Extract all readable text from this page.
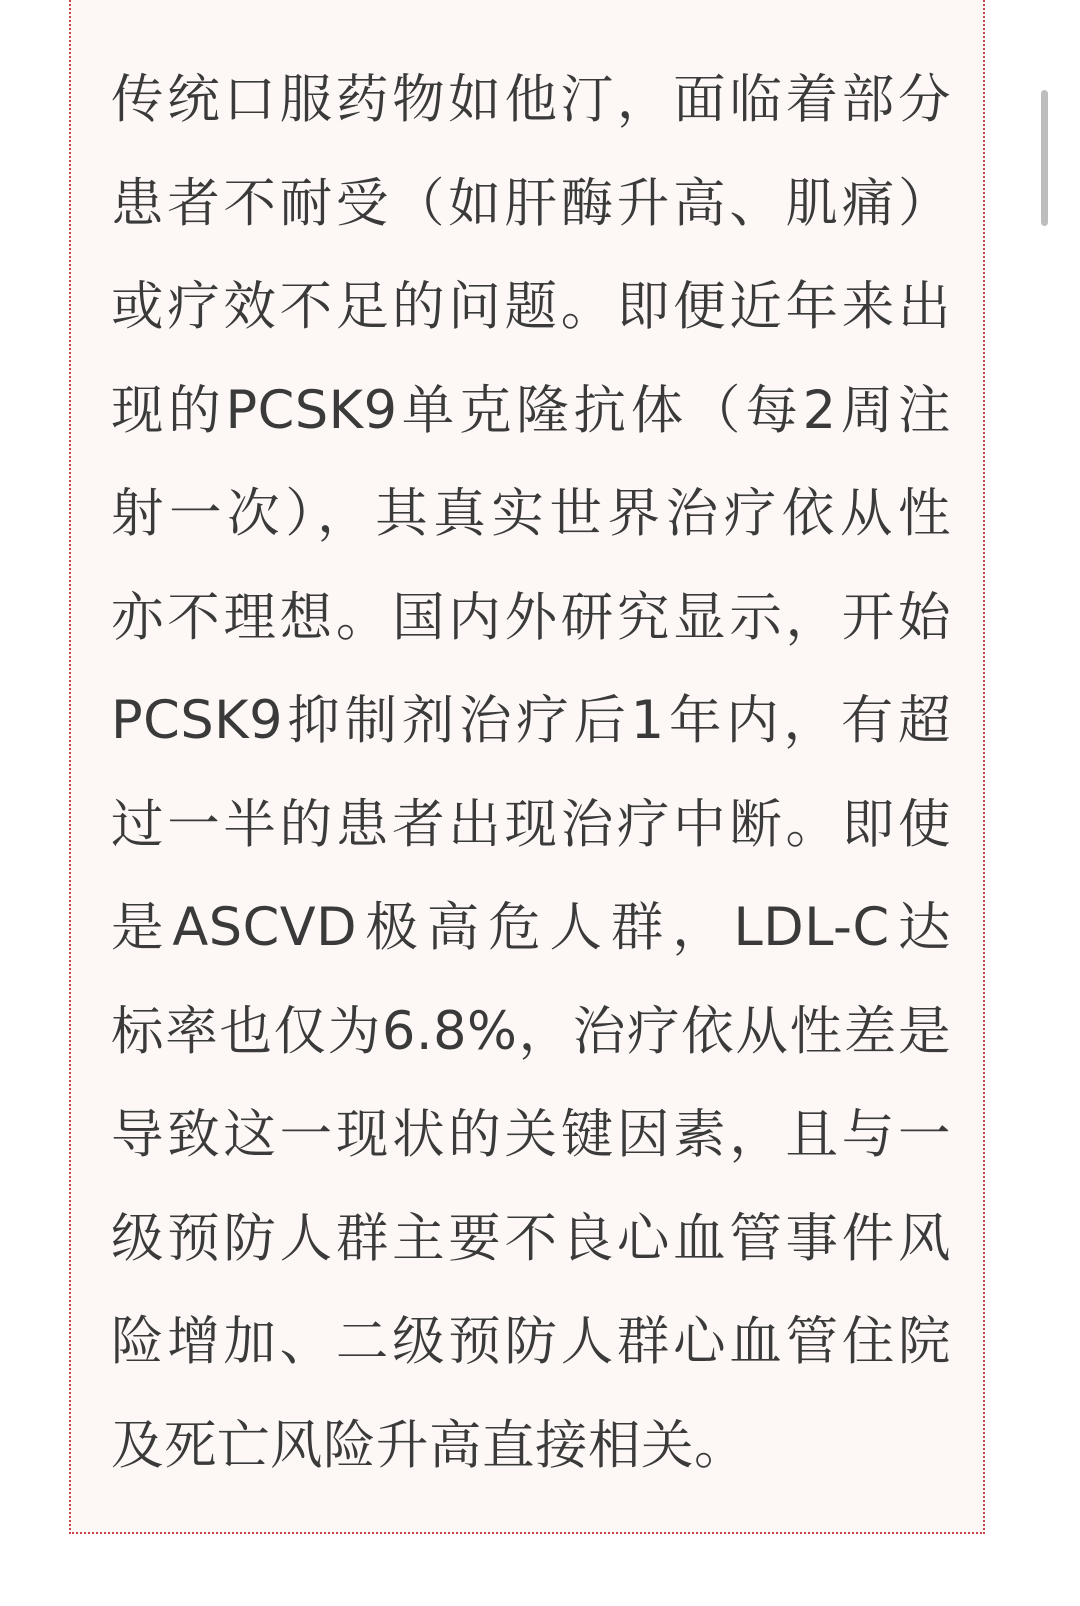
传统口服药物如他汀，面临着部分
患者不耐受（如肝酶升高、肌痛）
或疗效不足的问题。即便近年来出
现的PCSK9单克隆抗体（每2周注
射一次），其真实世界治疗依从性
亦不理想。国内外研究显示，开始
PCSK9抑制剂治疗后1年内，有超
过一半的患者出现治疗中断。即使
是ASCVD极高危人群，LDL-C达
标率也仅为6.8%，治疗依从性差是
导致这一现状的关键因素，且与一
级预防人群主要不良心血管事件风
险增加、二级预防人群心血管住院
及死亡风险升高直接相关。
